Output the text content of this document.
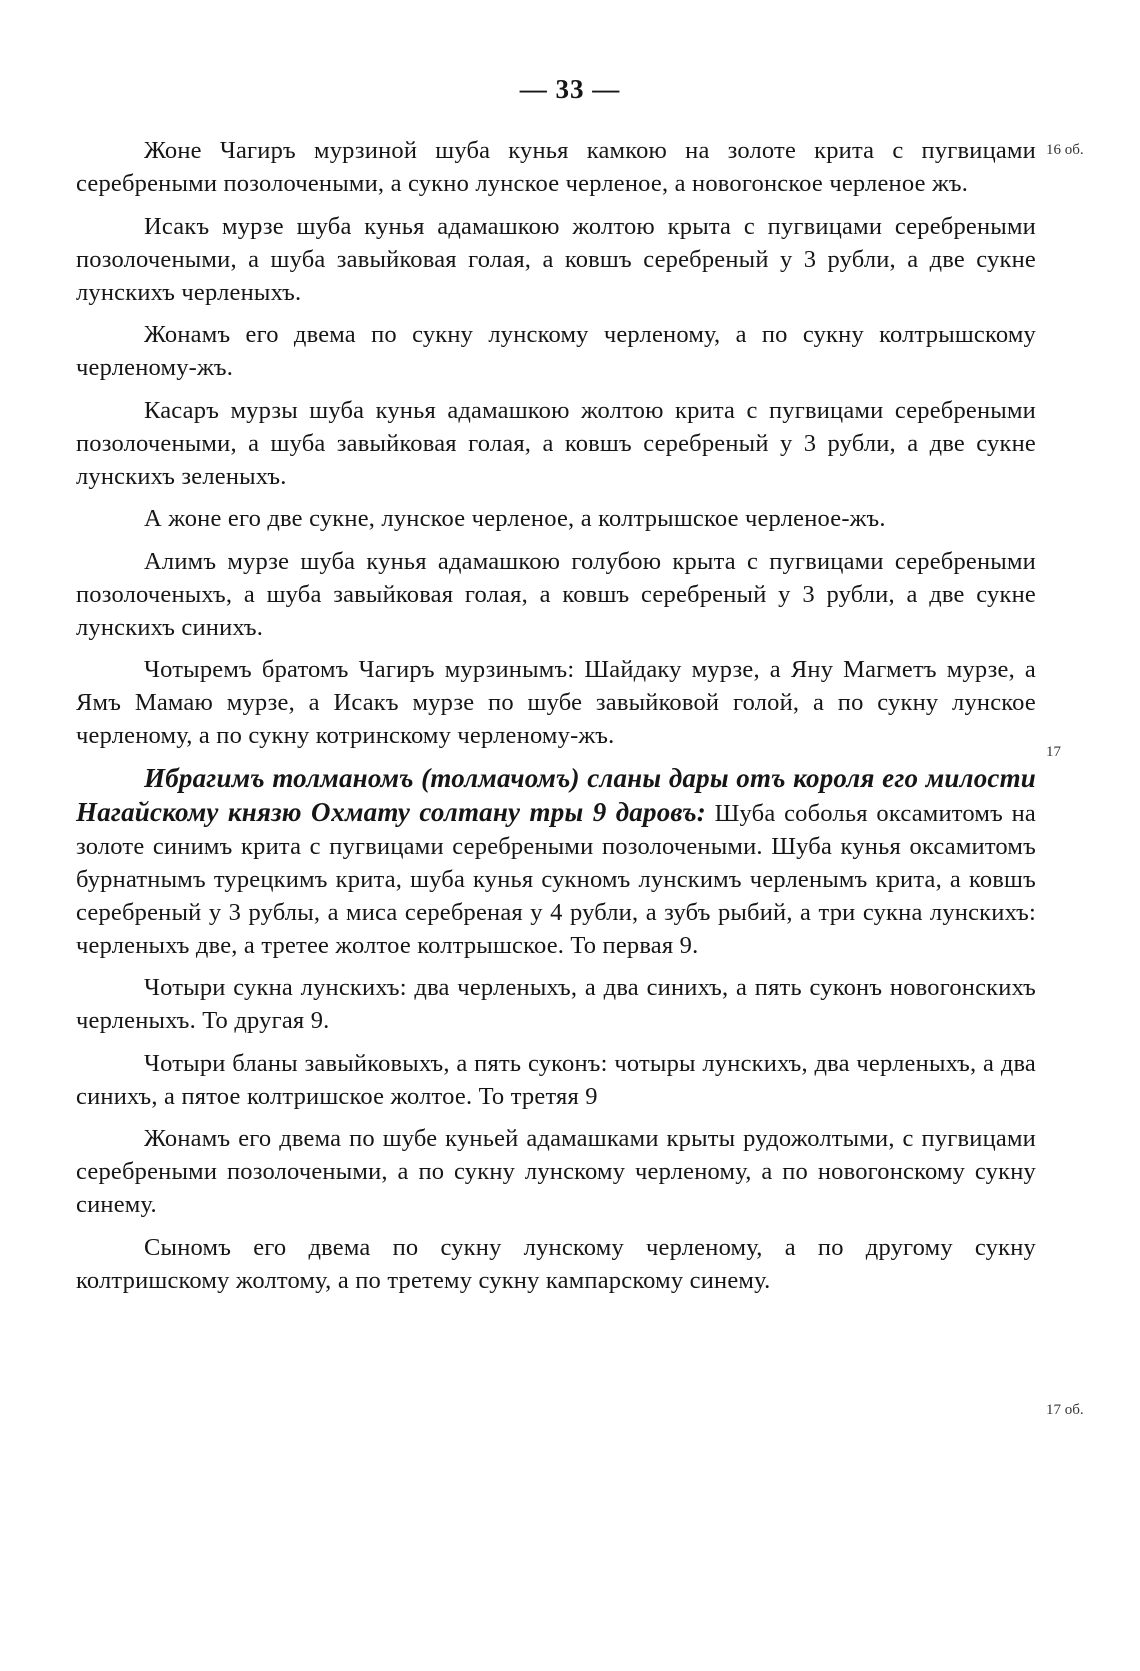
— 33 —
16 об.
17
17 об.

Жоне Чагиръ мурзиной шуба кунья камкою на золоте крита с пугвицами серебреными позолочеными, а сукно лунское черленое, а новогонское черленое жъ.

Исакъ мурзе шуба кунья адамашкою жолтою крыта с пугвицами серебреными позолочеными, а шуба завыйковая голая, а ковшъ серебреный у 3 рубли, а две сукне лунскихъ черленыхъ.

Жонамъ его двема по сукну лунскому черленому, а по сукну колтрышскому черленому-жъ.

Касаръ мурзы шуба кунья адамашкою жолтою крита с пугвицами серебреными позолочеными, а шуба завыйковая голая, а ковшъ серебреный у 3 рубли, а две сукне лунскихъ зеленыхъ.

А жоне его две сукне, лунское черленое, а колтрышское черленое-жъ.

Алимъ мурзе шуба кунья адамашкою голубою крыта с пугвицами серебреными позолоченыхъ, а шуба завыйковая голая, а ковшъ серебреный у 3 рубли, а две сукне лунскихъ синихъ.

Чотыремъ братомъ Чагиръ мурзинымъ: Шайдаку мурзе, а Яну Магметъ мурзе, а Ямъ Мамаю мурзе, а Исакъ мурзе по шубе завыйковой голой, а по сукну лунское черленому, а по сукну котринскому черленому-жъ.

Ибрагимъ толманомъ (толмачомъ) сланы дары отъ короля его милости Нагайскому князю Охмату солтану тры 9 даровъ: Шуба соболья оксамитомъ на золоте синимъ крита с пугвицами серебреными позолочеными. Шуба кунья оксамитомъ бурнатнымъ турецкимъ крита, шуба кунья сукномъ лунскимъ черленымъ крита, а ковшъ серебреный у 3 рублы, а миса серебреная у 4 рубли, а зубъ рыбий, а три сукна лунскихъ: черленыхъ две, а третее жолтое колтрышское. То первая 9.

Чотыри сукна лунскихъ: два черленыхъ, а два синихъ, а пять суконъ новогонскихъ черленыхъ. То другая 9.

Чотыри бланы завыйковыхъ, а пять суконъ: чотыры лунскихъ, два черленыхъ, а два синихъ, а пятое колтришское жолтое. То третяя 9

Жонамъ его двема по шубе куньей адамашками крыты рудожолтыми, с пугвицами серебреными позолочеными, а по сукну лунскому черленому, а по новогонскому сукну синему.

Сыномъ его двема по сукну лунскому черленому, а по другому сукну колтришскому жолтому, а по третему сукну кампарскому синему.
